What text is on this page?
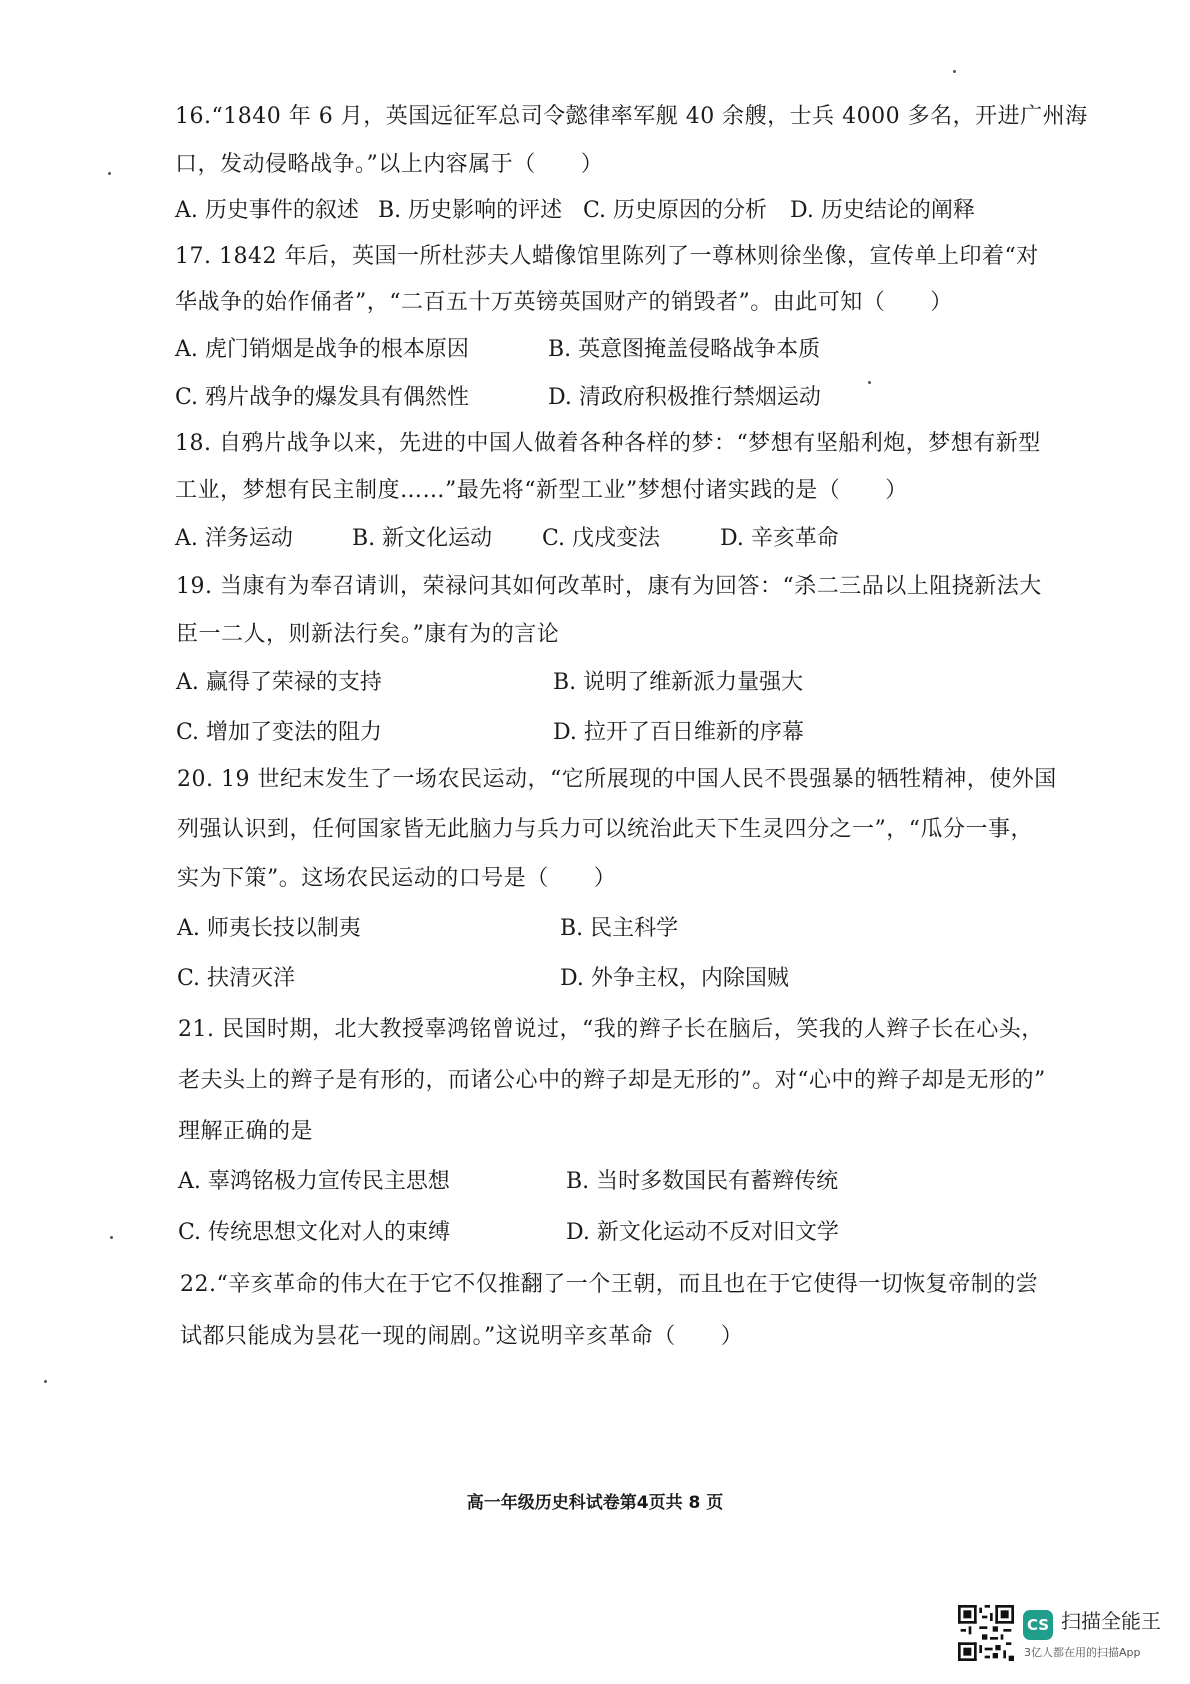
16.“1840 年 6 月，英国远征军总司令懿律率军舰 40 余艘，士兵 4000 多名，开进广州海
口，发动侵略战争。”以上内容属于（　　）
A. 历史事件的叙述 B. 历史影响的评述 C. 历史原因的分析 D. 历史结论的阐释
17. 1842 年后，英国一所杜莎夫人蜡像馆里陈列了一尊林则徐坐像，宣传单上印着“对
华战争的始作俑者”，“二百五十万英镑英国财产的销毁者”。由此可知（　　）
A. 虎门销烟是战争的根本原因	B. 英意图掩盖侵略战争本质
C. 鸦片战争的爆发具有偶然性	D. 清政府积极推行禁烟运动
18. 自鸦片战争以来，先进的中国人做着各种各样的梦：“梦想有坚船利炮，梦想有新型
工业，梦想有民主制度……”最先将“新型工业”梦想付诸实践的是（　　）
A. 洋务运动	B. 新文化运动 C. 戊戌变法	D. 辛亥革命
19. 当康有为奉召请训，荣禄问其如何改革时，康有为回答：“杀二三品以上阻挠新法大
臣一二人，则新法行矣。”康有为的言论
A. 赢得了荣禄的支持	B. 说明了维新派力量强大
C. 增加了变法的阻力	D. 拉开了百日维新的序幕
20. 19 世纪末发生了一场农民运动，“它所展现的中国人民不畏强暴的牺牲精神，使外国
列强认识到，任何国家皆无此脑力与兵力可以统治此天下生灵四分之一”，“瓜分一事，
实为下策”。这场农民运动的口号是（　　）
A. 师夷长技以制夷	B. 民主科学
C. 扶清灭洋	D. 外争主权，内除国贼
21. 民国时期，北大教授辜鸿铭曾说过，“我的辫子长在脑后，笑我的人辫子长在心头，
老夫头上的辫子是有形的，而诸公心中的辫子却是无形的”。对“心中的辫子却是无形的”
理解正确的是
A. 辜鸿铭极力宣传民主思想	B. 当时多数国民有蓄辫传统
C. 传统思想文化对人的束缚	D. 新文化运动不反对旧文学
22.“辛亥革命的伟大在于它不仅推翻了一个王朝，而且也在于它使得一切恢复帝制的尝
试都只能成为昙花一现的闹剧。”这说明辛亥革命（　　）
高一年级历史科试卷第4页共 8 页
CS 扫描全能王
3亿人都在用的扫描App
